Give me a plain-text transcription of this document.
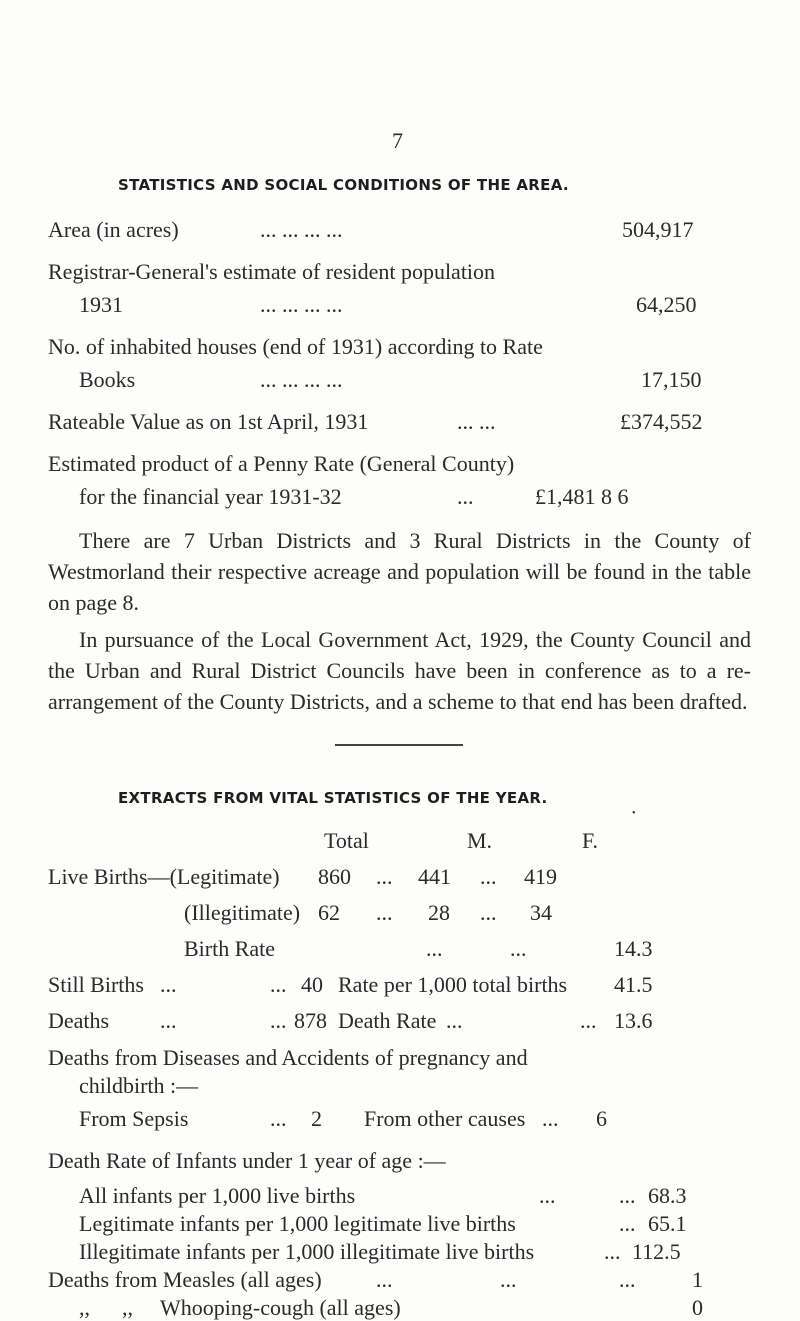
7
STATISTICS AND SOCIAL CONDITIONS OF THE AREA.
Area (in acres)	... ... ... ...	504,917
Registrar-General's estimate of resident population
1931	... ... ... ...	64,250
No. of inhabited houses (end of 1931) according to Rate
Books	... ... ... ...	17,150
Rateable Value as on 1st April, 1931	... ...	£374,552
Estimated product of a Penny Rate (General County)
for the financial year 1931-32	...	£1,481 8 6
There are 7 Urban Districts and 3 Rural Districts in the County of Westmorland their respective acreage and population will be found in the table on page 8.
In pursuance of the Local Government Act, 1929, the County Council and the Urban and Rural District Councils have been in conference as to a re-arrangement of the County Districts, and a scheme to that end has been drafted.
EXTRACTS FROM VITAL STATISTICS OF THE YEAR.
•
Total	M.	F.
Live Births—(Legitimate) 860 ... 441 ... 419
(Illegitimate) 62 ... 28 ... 34
Birth Rate	...	...	14.3
Still Births ...	... 40 Rate per 1,000 total births 41.5
Deaths ...	... 878 Death Rate ...	... 13.6
Deaths from Diseases and Accidents of pregnancy and
childbirth :—
From Sepsis	... 2 From other causes ... 6
Death Rate of Infants under 1 year of age :—
All infants per 1,000 live births	...	... 68.3
Legitimate infants per 1,000 legitimate live births	... 65.1
Illegitimate infants per 1,000 illegitimate live births	... 112.5
Deaths from Measles (all ages) ...	...	...	1
,, ,, Whooping-cough (all ages)	0
